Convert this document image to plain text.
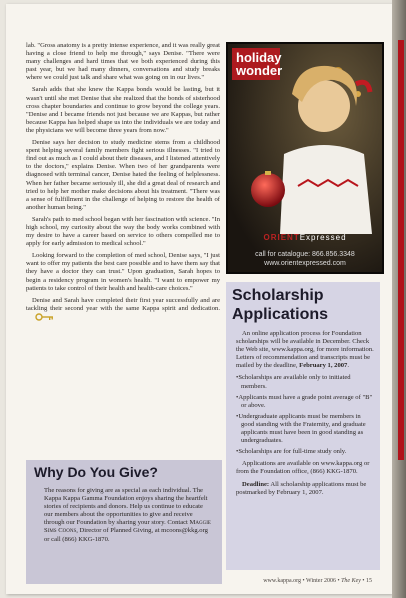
lab. "Gross anatomy is a pretty intense experience, and it was really great having a close friend to help me through," says Denise. "There were many challenges and hard times that we both experienced during this past year, but we had many dinners, conversations and study breaks where we could just talk and share what was going on in our lives."

Sarah adds that she knew the Kappa bonds would be lasting, but it wasn't until she met Denise that she realized that the bonds of sisterhood cross chapter boundaries and continue to grow beyond the college years. "Denise and I became friends not just because we are Kappas, but rather because Kappa has helped shape us into the individuals we are today and the physicians we will become three years from now."

Denise says her decision to study medicine stems from a childhood spent helping several family members fight serious illnesses. "I tried to find out as much as I could about their diseases, and I listened attentively to the doctors," explains Denise. When two of her grandparents were diagnosed with terminal cancer, Denise hated the feeling of helplessness. When her father became seriously ill, she did a great deal of research and tried to help her mother make decisions about his treatment. "There was a sense of fulfillment in the challenge of helping to restore the health of another human being."

Sarah's path to med school began with her fascination with science. "In high school, my curiosity about the way the body works combined with my desire to have a career based on service to others compelled me to apply for early admission to medical school."

Looking forward to the completion of med school, Denise says, "I just want to offer my patients the best care possible and to have them say that they have a doctor they can trust." Upon graduation, Sarah hopes to begin a residency program in women's health. "I want to empower my patients to take control of their health and health-care choices."

Denise and Sarah have completed their first year successfully and are tackling their second year with the same Kappa spirit and dedication.

Why Do You Give?
The reasons for giving are as special as each individual. The Kappa Kappa Gamma Foundation enjoys sharing the heartfelt stories of recipients and donors. Help us continue to educate our members about the opportunities to give and receive through our Foundation by sharing your story. Contact Maggie Sims Coons, Director of Planned Giving, at mcoons@kkg.org or call (866) KKG-1870.
holiday
wonder
ORIENTExpressed
call for catalogue: 866.856.3348
www.orientexpressed.com
Scholarship Applications

An online application process for Foundation scholarships will be available in December. Check the Web site, www.kappa.org, for more information. Letters of recommendation and transcripts must be mailed by the deadline, February 1, 2007.

• Scholarships are available only to initiated members.
• Applicants must have a grade point average of "B" or above.
• Undergraduate applicants must be members in good standing with the Fraternity, and graduate applicants must have been in good standing as undergraduates.
• Scholarships are for full-time study only.

Applications are available on www.kappa.org or from the Foundation office, (866) KKG-1870.

Deadline: All scholarship applications must be postmarked by February 1, 2007.

www.kappa.org • Winter 2006 • The Key • 15
